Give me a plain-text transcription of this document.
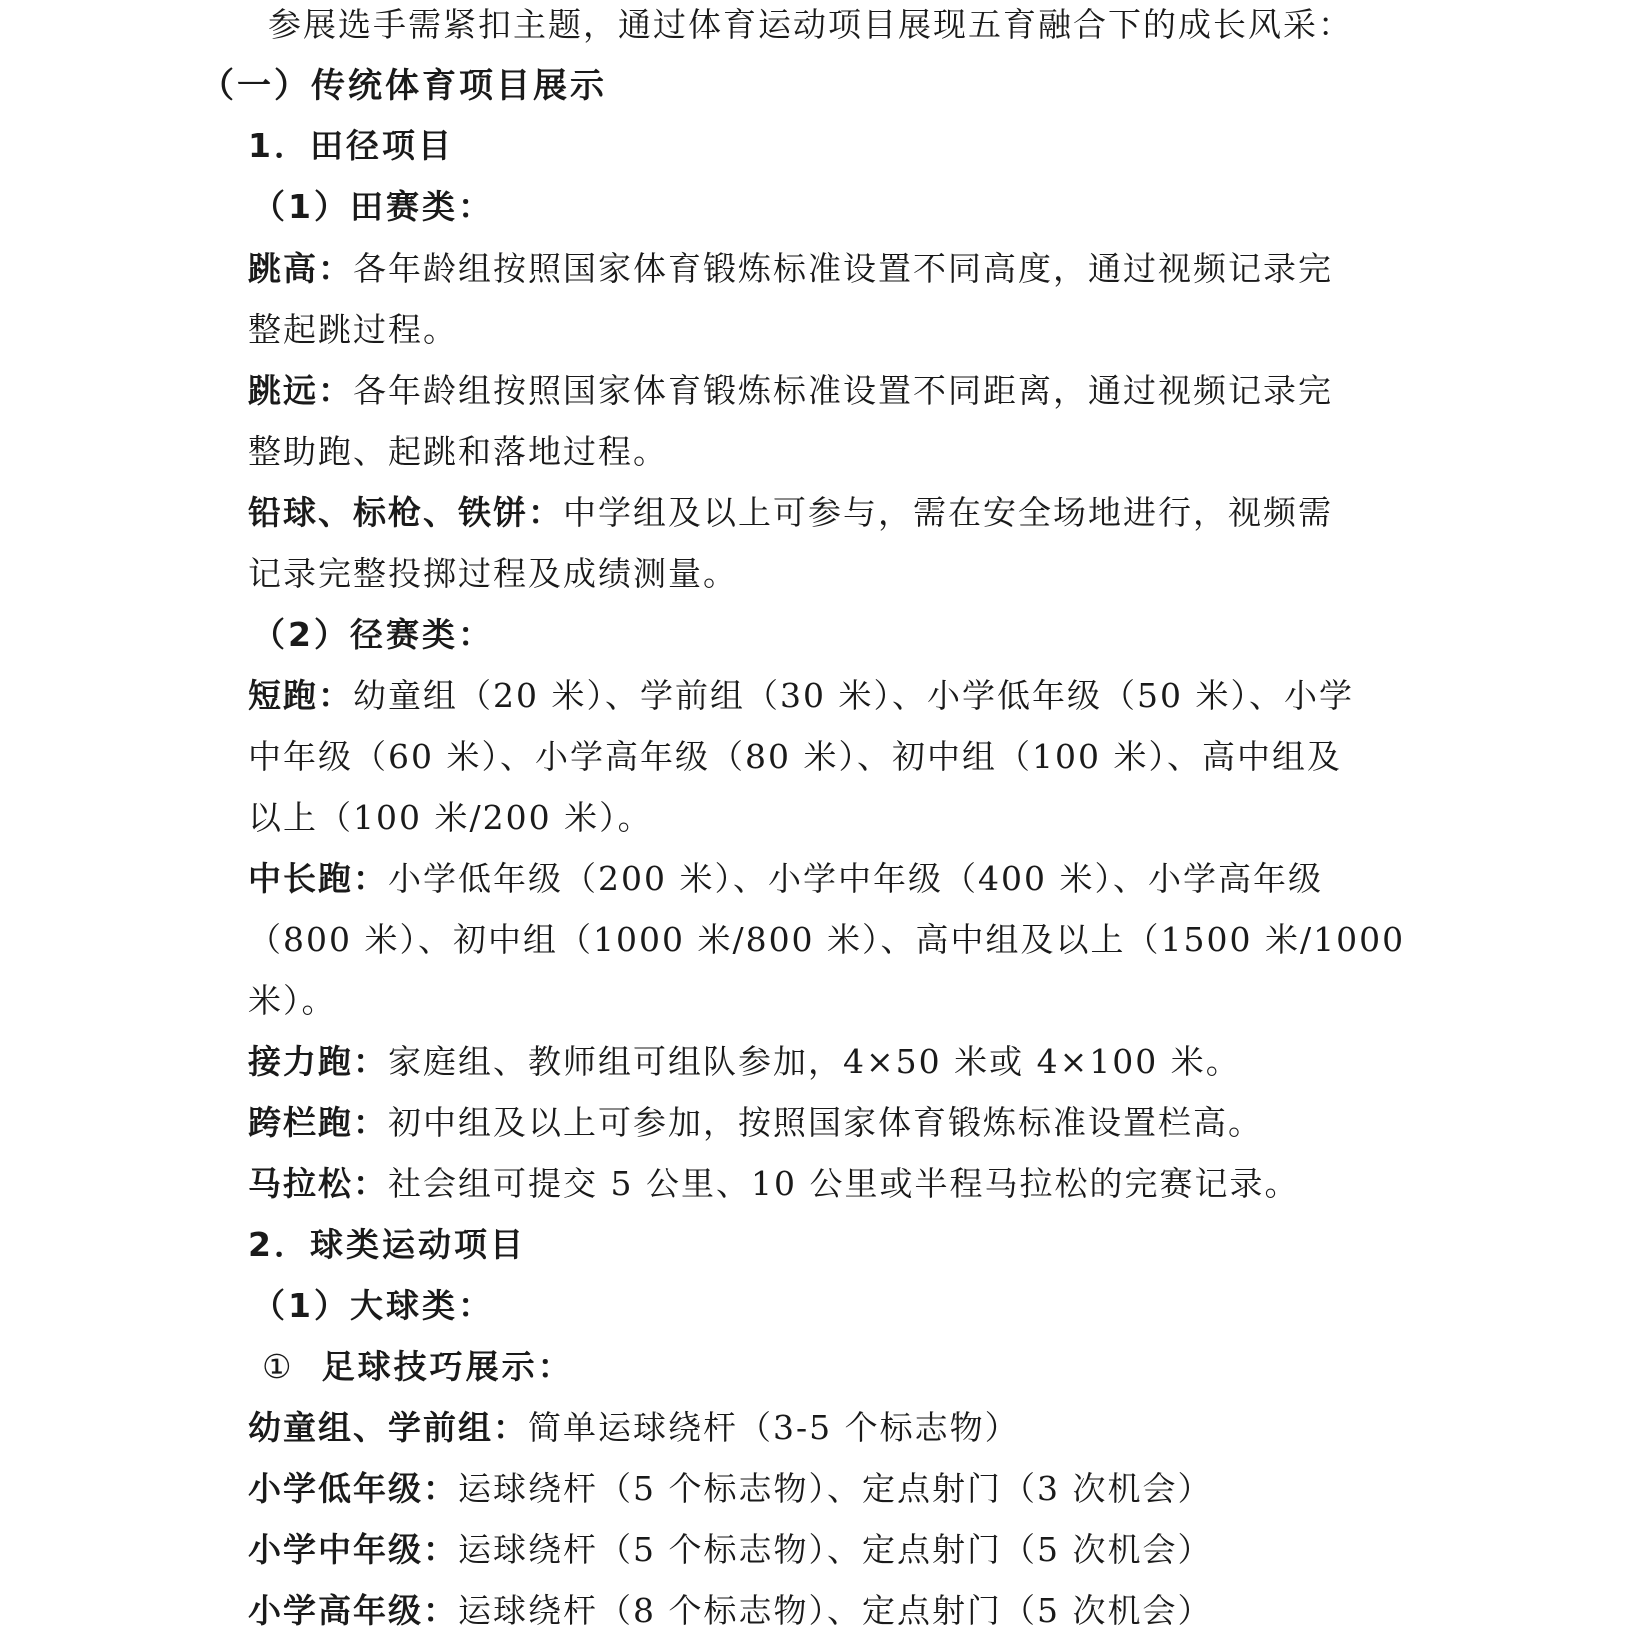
参展选手需紧扣主题，通过体育运动项目展现五育融合下的成长风采：
（一）传统体育项目展示
1．田径项目
（1）田赛类：
跳高：各年龄组按照国家体育锻炼标准设置不同高度，通过视频记录完
整起跳过程。
跳远：各年龄组按照国家体育锻炼标准设置不同距离，通过视频记录完
整助跑、起跳和落地过程。
铅球、标枪、铁饼：中学组及以上可参与，需在安全场地进行，视频需
记录完整投掷过程及成绩测量。
（2）径赛类：
短跑：幼童组（20 米）、学前组（30 米）、小学低年级（50 米）、小学
中年级（60 米）、小学高年级（80 米）、初中组（100 米）、高中组及
以上（100 米/200 米）。
中长跑：小学低年级（200 米）、小学中年级（400 米）、小学高年级
（800 米）、初中组（1000 米/800 米）、高中组及以上（1500 米/1000
米）。
接力跑：家庭组、教师组可组队参加，4×50 米或 4×100 米。
跨栏跑：初中组及以上可参加，按照国家体育锻炼标准设置栏高。
马拉松：社会组可提交 5 公里、10 公里或半程马拉松的完赛记录。
2．球类运动项目
（1）大球类：
① 足球技巧展示：
幼童组、学前组：简单运球绕杆（3-5 个标志物）
小学低年级：运球绕杆（5 个标志物）、定点射门（3 次机会）
小学中年级：运球绕杆（5 个标志物）、定点射门（5 次机会）
小学高年级：运球绕杆（8 个标志物）、定点射门（5 次机会）
